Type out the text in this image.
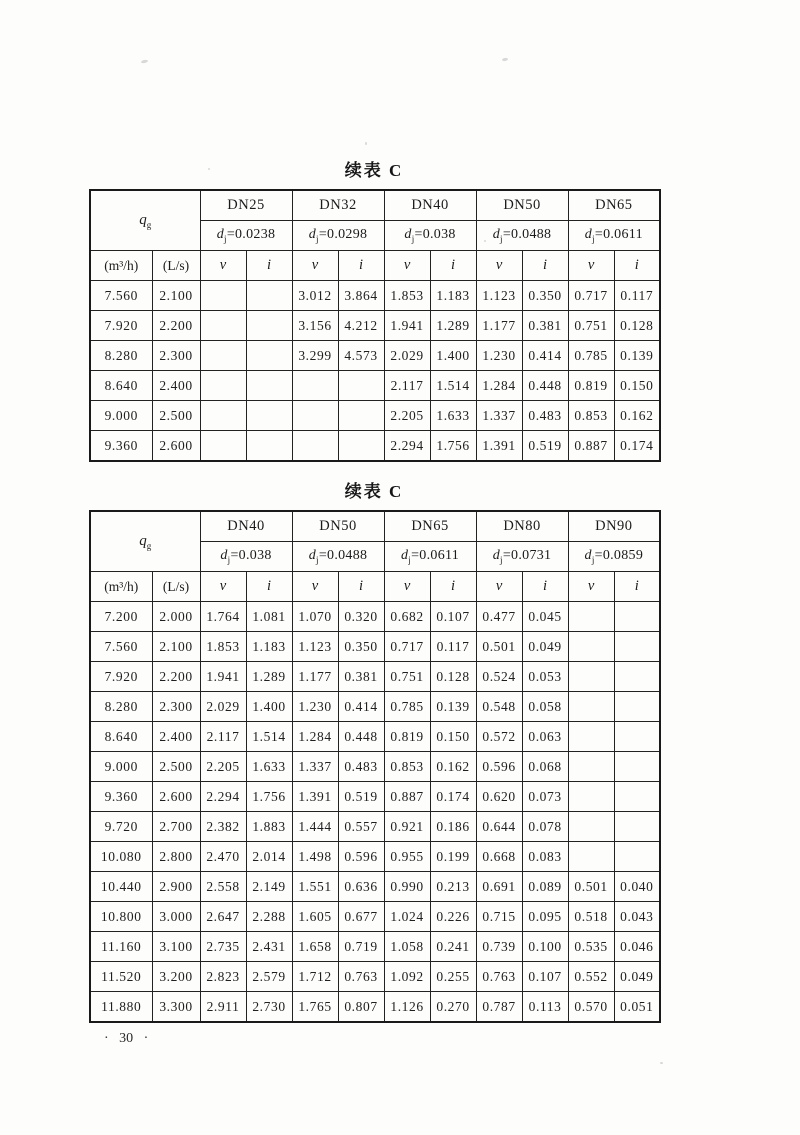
续表 C
$q_g$		DN25		DN32		DN40		DN50		DN65	
		$d_j=0.0238$		$d_j=0.0298$		$d_j=0.038$		$d_j=0.0488$		$d_j=0.0611$	
(m³/h)	(L/s)	v	i	v	i	v	i	v	i	v	i
7.560	2.100			3.012	3.864	1.853	1.183	1.123	0.350	0.717	0.117
7.920	2.200			3.156	4.212	1.941	1.289	1.177	0.381	0.751	0.128
8.280	2.300			3.299	4.573	2.029	1.400	1.230	0.414	0.785	0.139
8.640	2.400					2.117	1.514	1.284	0.448	0.819	0.150
9.000	2.500					2.205	1.633	1.337	0.483	0.853	0.162
9.360	2.600					2.294	1.756	1.391	0.519	0.887	0.174
续表 C
$q_g$		DN40		DN50		DN65		DN80		DN90	
		$d_j=0.038$		$d_j=0.0488$		$d_j=0.0611$		$d_j=0.0731$		$d_j=0.0859$	
(m³/h)	(L/s)	v	i	v	i	v	i	v	i	v	i
7.200	2.000	1.764	1.081	1.070	0.320	0.682	0.107	0.477	0.045		
7.560	2.100	1.853	1.183	1.123	0.350	0.717	0.117	0.501	0.049		
7.920	2.200	1.941	1.289	1.177	0.381	0.751	0.128	0.524	0.053		
8.280	2.300	2.029	1.400	1.230	0.414	0.785	0.139	0.548	0.058		
8.640	2.400	2.117	1.514	1.284	0.448	0.819	0.150	0.572	0.063		
9.000	2.500	2.205	1.633	1.337	0.483	0.853	0.162	0.596	0.068		
9.360	2.600	2.294	1.756	1.391	0.519	0.887	0.174	0.620	0.073		
9.720	2.700	2.382	1.883	1.444	0.557	0.921	0.186	0.644	0.078		
10.080	2.800	2.470	2.014	1.498	0.596	0.955	0.199	0.668	0.083		
10.440	2.900	2.558	2.149	1.551	0.636	0.990	0.213	0.691	0.089	0.501	0.040
10.800	3.000	2.647	2.288	1.605	0.677	1.024	0.226	0.715	0.095	0.518	0.043
11.160	3.100	2.735	2.431	1.658	0.719	1.058	0.241	0.739	0.100	0.535	0.046
11.520	3.200	2.823	2.579	1.712	0.763	1.092	0.255	0.763	0.107	0.552	0.049
11.880	3.300	2.911	2.730	1.765	0.807	1.126	0.270	0.787	0.113	0.570	0.051
· 30 ·
